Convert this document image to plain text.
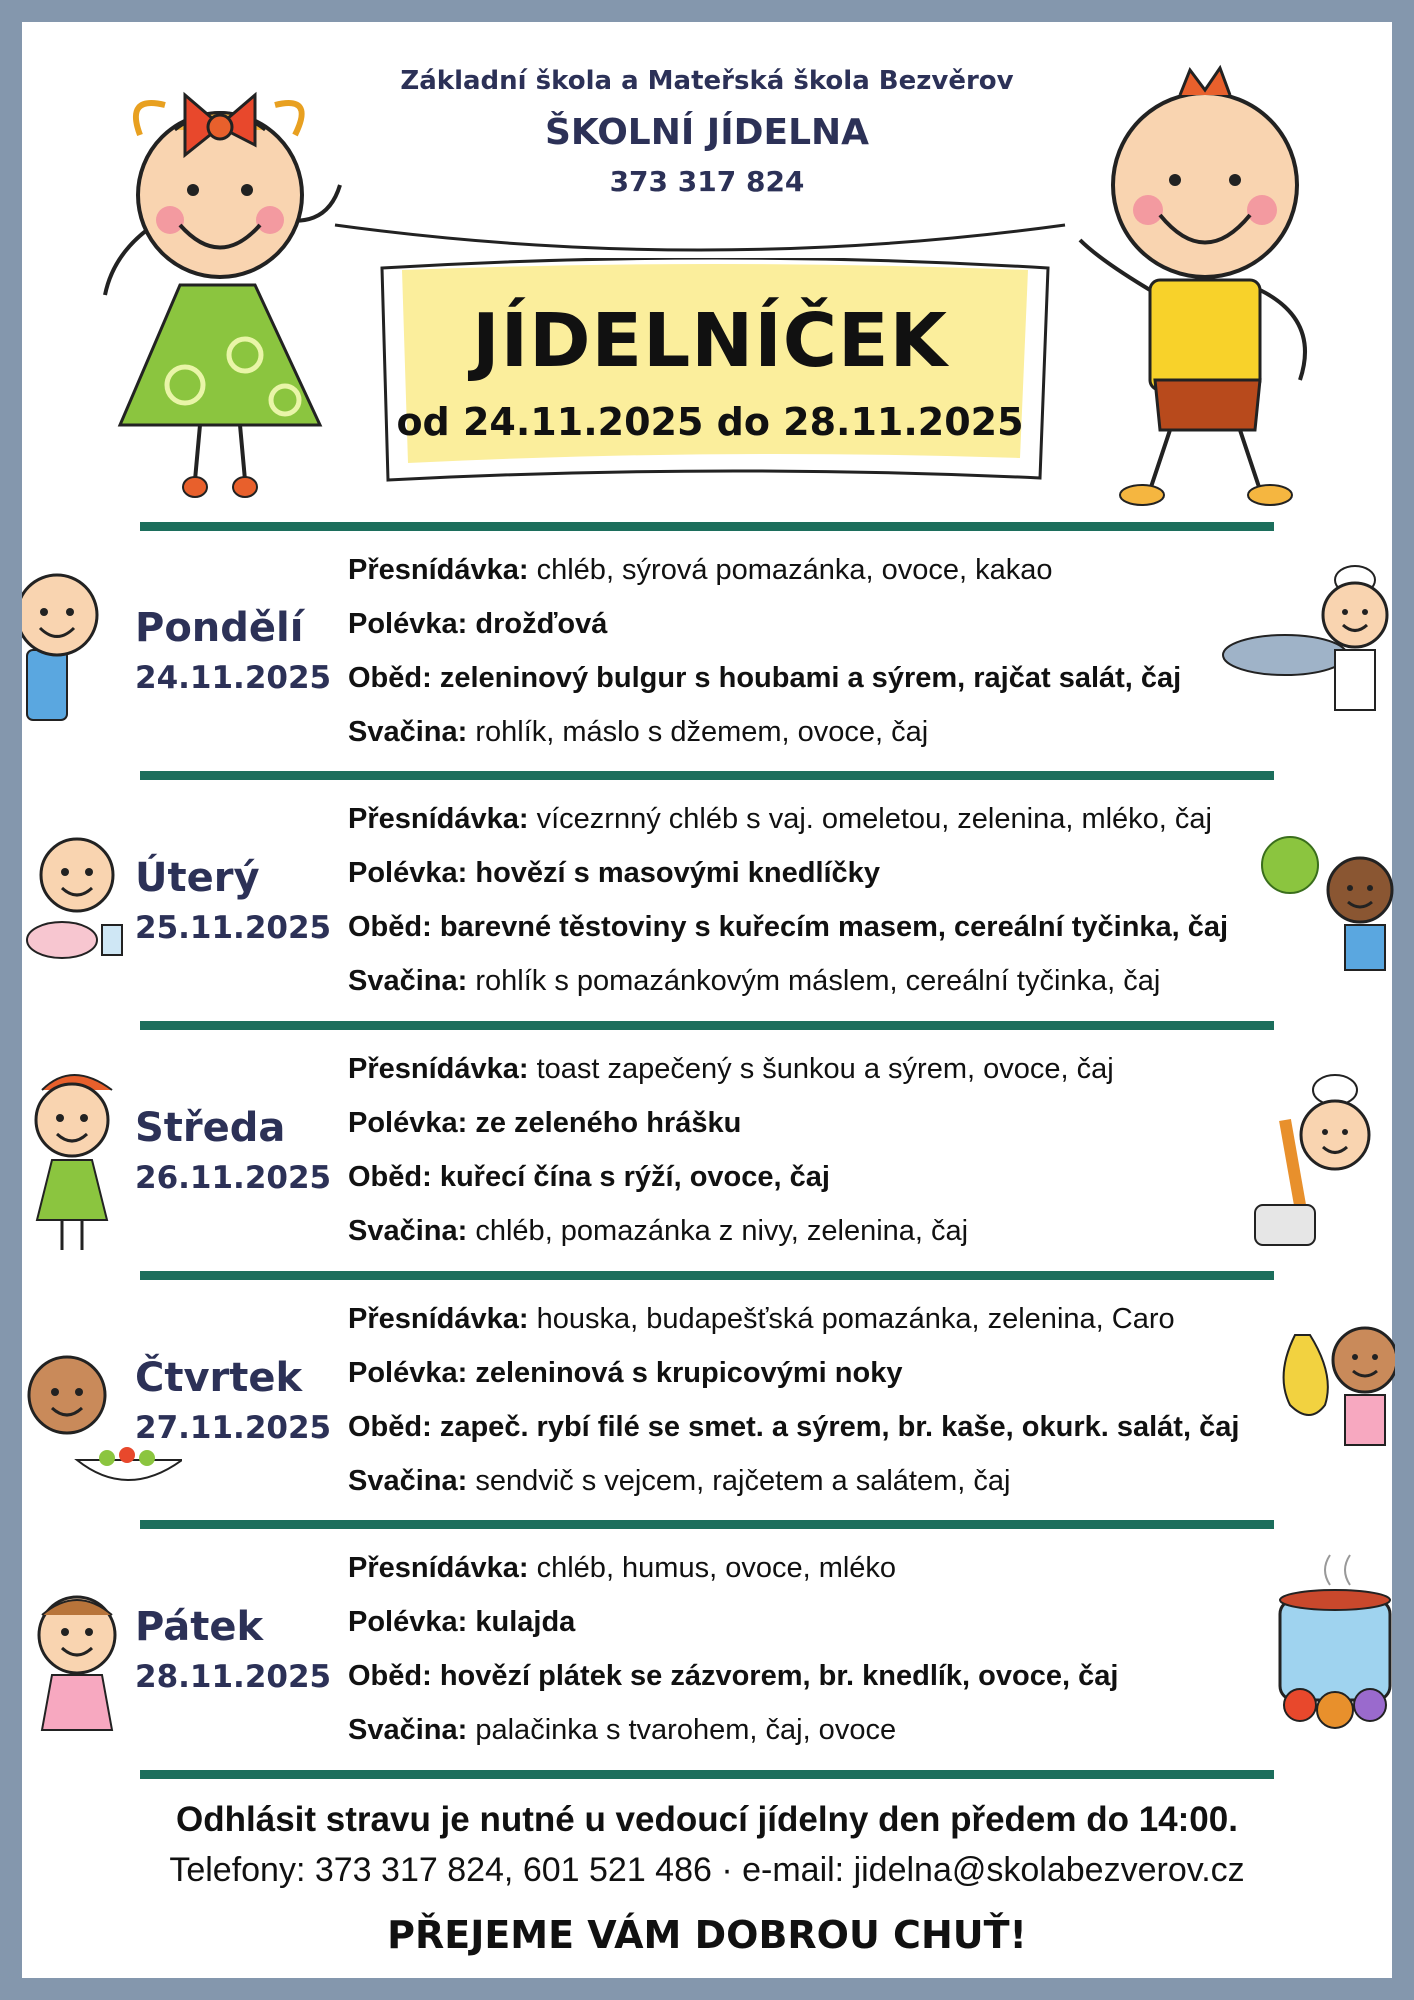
Základní škola a Mateřská škola Bezvěrov
ŠKOLNÍ JÍDELNA
373 317 824
JÍDELNÍČEK
od 24.11.2025 do 28.11.2025
Pondělí
24.11.2025
Přesnídávka: chléb, sýrová pomazánka, ovoce, kakao
Polévka: drožďová
Oběd: zeleninový bulgur s houbami a sýrem, rajčat salát, čaj
Svačina: rohlík, máslo s džemem, ovoce, čaj
Úterý
25.11.2025
Přesnídávka: vícezrnný chléb s vaj. omeletou, zelenina, mléko, čaj
Polévka: hovězí s masovými knedlíčky
Oběd: barevné těstoviny s kuřecím masem, cereální tyčinka, čaj
Svačina: rohlík s pomazánkovým máslem, cereální tyčinka, čaj
Středa
26.11.2025
Přesnídávka: toast zapečený s šunkou a sýrem, ovoce, čaj
Polévka: ze zeleného hrášku
Oběd: kuřecí čína s rýží, ovoce, čaj
Svačina: chléb, pomazánka z nivy, zelenina, čaj
Čtvrtek
27.11.2025
Přesnídávka: houska, budapešťská pomazánka, zelenina, Caro
Polévka: zeleninová s krupicovými noky
Oběd: zapeč. rybí filé se smet. a sýrem, br. kaše, okurk. salát, čaj
Svačina: sendvič s vejcem, rajčetem a salátem, čaj
Pátek
28.11.2025
Přesnídávka: chléb, humus, ovoce, mléko
Polévka: kulajda
Oběd: hovězí plátek se zázvorem, br. knedlík, ovoce, čaj
Svačina: palačinka s tvarohem, čaj, ovoce
Odhlásit stravu je nutné u vedoucí jídelny den předem do 14:00.
Telefony: 373 317 824, 601 521 486 · e-mail: jidelna@skolabezverov.cz
PŘEJEME VÁM DOBROU CHUŤ!
